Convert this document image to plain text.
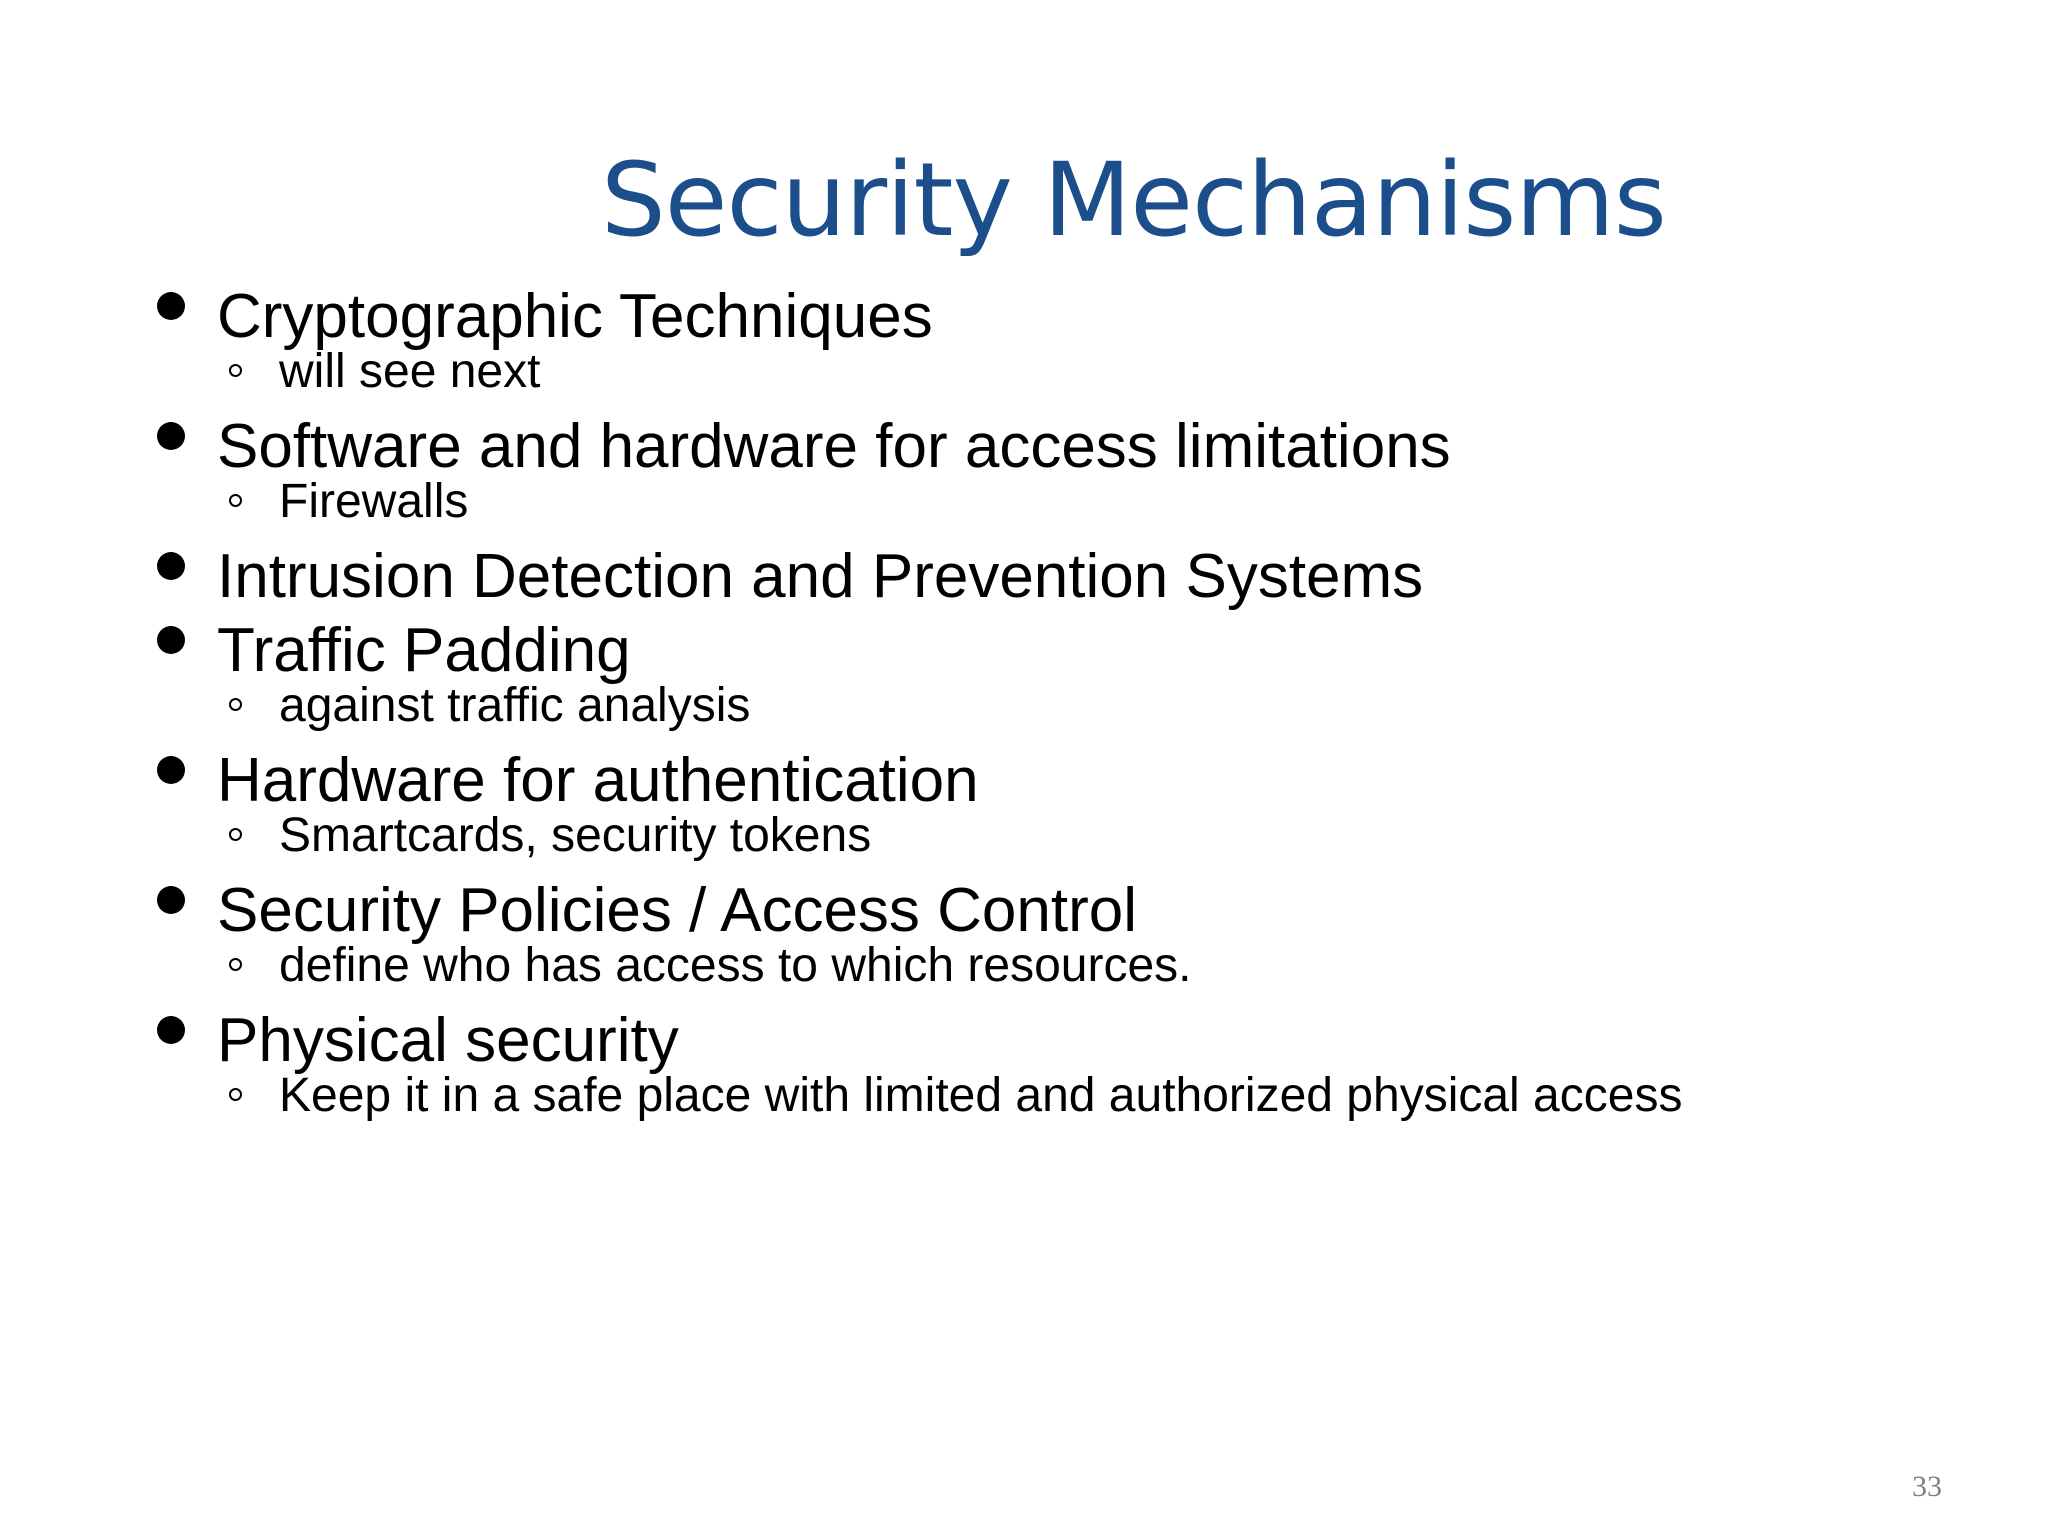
Security Mechanisms
Cryptographic Techniques
will see next
Software and hardware for access limitations
Firewalls
Intrusion Detection and Prevention Systems
Traffic Padding
against traffic analysis
Hardware for authentication
Smartcards, security tokens
Security Policies / Access Control
define who has access to which resources.
Physical security
Keep it in a safe place with limited and authorized physical access
33
